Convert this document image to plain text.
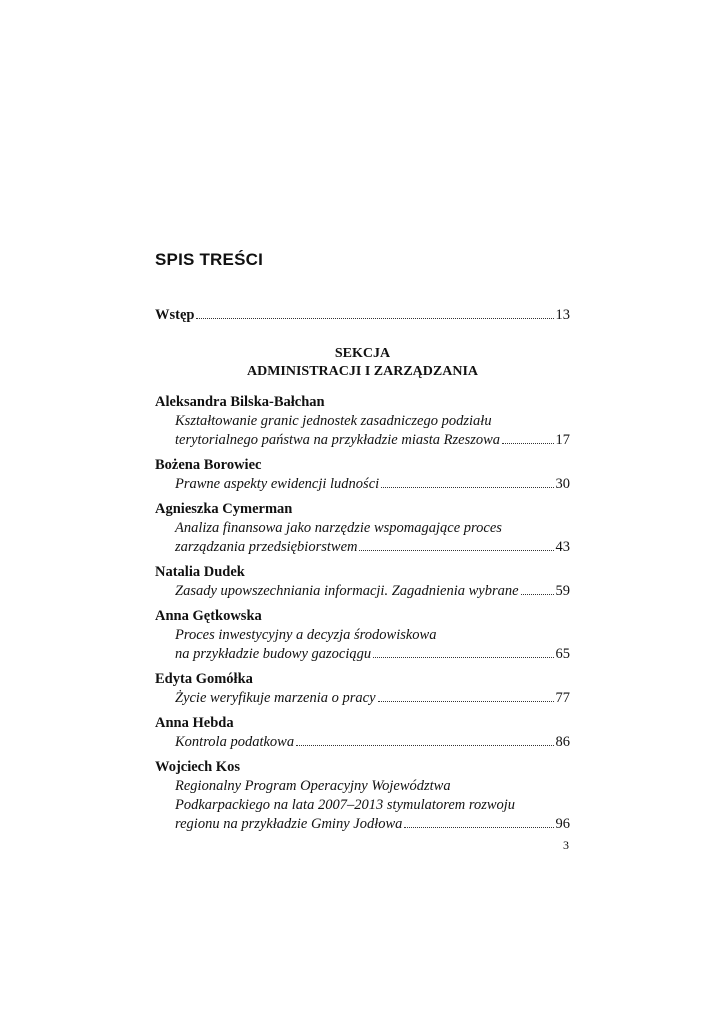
SPIS TREŚCI
Wstęp	13
SEKCJA
ADMINISTRACJI I ZARZĄDZANIA
Aleksandra Bilska-Bałchan
Kształtowanie granic jednostek zasadniczego podziału
terytorialnego państwa na przykładzie miasta Rzeszowa	17
Bożena Borowiec
Prawne aspekty ewidencji ludności	30
Agnieszka Cymerman
Analiza finansowa jako narzędzie wspomagające proces
zarządzania przedsiębiorstwem	43
Natalia Dudek
Zasady upowszechniania informacji. Zagadnienia wybrane	59
Anna Gętkowska
Proces inwestycyjny a decyzja środowiskowa
na przykładzie budowy gazociągu	65
Edyta Gomółka
Życie weryfikuje marzenia o pracy	77
Anna Hebda
Kontrola podatkowa	86
Wojciech Kos
Regionalny Program Operacyjny Województwa
Podkarpackiego na lata 2007–2013 stymulatorem rozwoju
regionu na przykładzie Gminy Jodłowa	96
3
